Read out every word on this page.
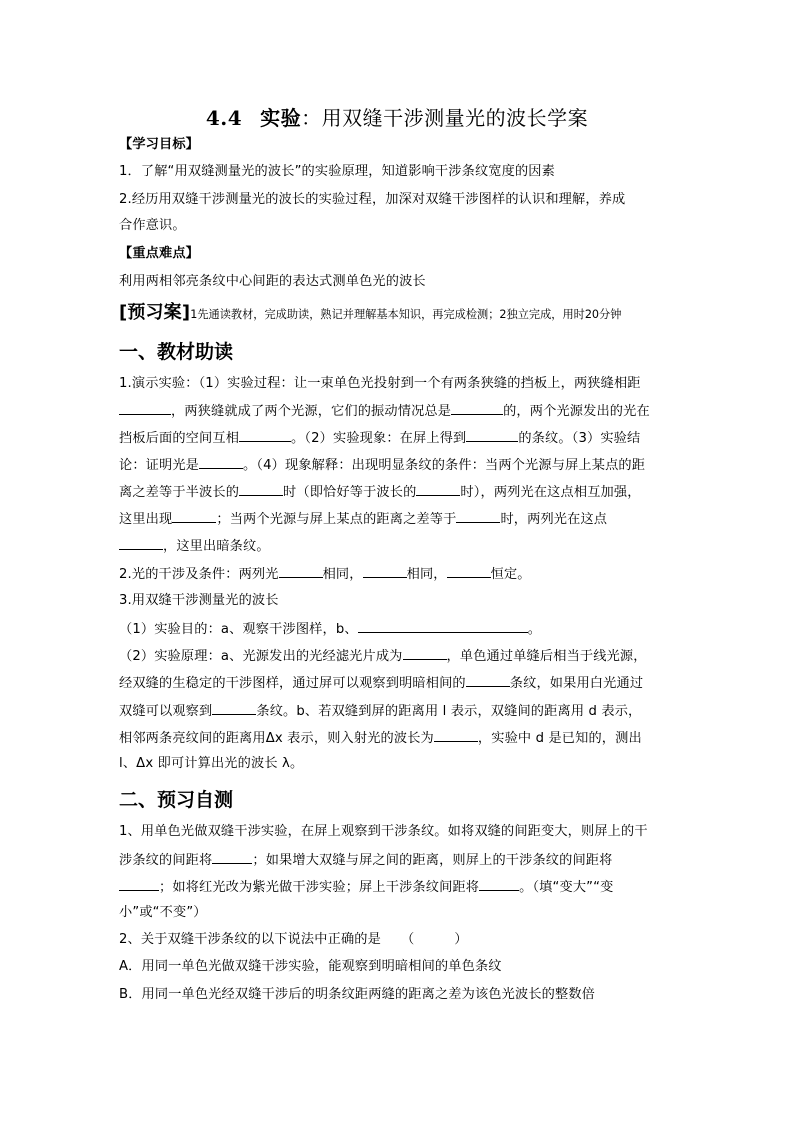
4.4 实验：用双缝干涉测量光的波长学案
【学习目标】
1．了解“用双缝测量光的波长”的实验原理，知道影响干涉条纹宽度的因素
2.经历用双缝干涉测量光的波长的实验过程，加深对双缝干涉图样的认识和理解，养成
合作意识。
【重点难点】
利用两相邻亮条纹中心间距的表达式测单色光的波长
[预习案]1先通读教材，完成助读，熟记并理解基本知识，再完成检测；2独立完成，用时20分钟
一、教材助读
1.演示实验：（1）实验过程：让一束单色光投射到一个有两条狭缝的挡板上，两狭缝相距
，两狭缝就成了两个光源，它们的振动情况总是	的，两个光源发出的光在
挡板后面的空间互相	。（2）实验现象：在屏上得到	的条纹。（3）实验结
论：证明光是	。（4）现象解释：出现明显条纹的条件：当两个光源与屏上某点的距
离之差等于半波长的	时（即恰好等于波长的	时），两列光在这点相互加强，
这里出现	；当两个光源与屏上某点的距离之差等于	时，两列光在这点
，这里出暗条纹。
2.光的干涉及条件：两列光	相同，	相同，	恒定。
3.用双缝干涉测量光的波长
（1）实验目的：a、观察干涉图样，b、	。
（2）实验原理：a、光源发出的光经滤光片成为	，单色通过单缝后相当于线光源，
经双缝的生稳定的干涉图样，通过屏可以观察到明暗相间的	条纹，如果用白光通过
双缝可以观察到	条纹。b、若双缝到屏的距离用 l 表示，双缝间的距离用 d 表示，
相邻两条亮纹间的距离用Δx 表示，则入射光的波长为	，实验中 d 是已知的，测出
l、Δx 即可计算出光的波长 λ。
二、预习自测
1、用单色光做双缝干涉实验，在屏上观察到干涉条纹。如将双缝的间距变大，则屏上的干
涉条纹的间距将	；如果增大双缝与屏之间的距离，则屏上的干涉条纹的间距将
；如将红光改为紫光做干涉实验；屏上干涉条纹间距将	。（填“变大”“变
小”或“不变”）
2、关于双缝干涉条纹的以下说法中正确的是　　（　　　）
A．用同一单色光做双缝干涉实验，能观察到明暗相间的单色条纹
B．用同一单色光经双缝干涉后的明条纹距两缝的距离之差为该色光波长的整数倍
